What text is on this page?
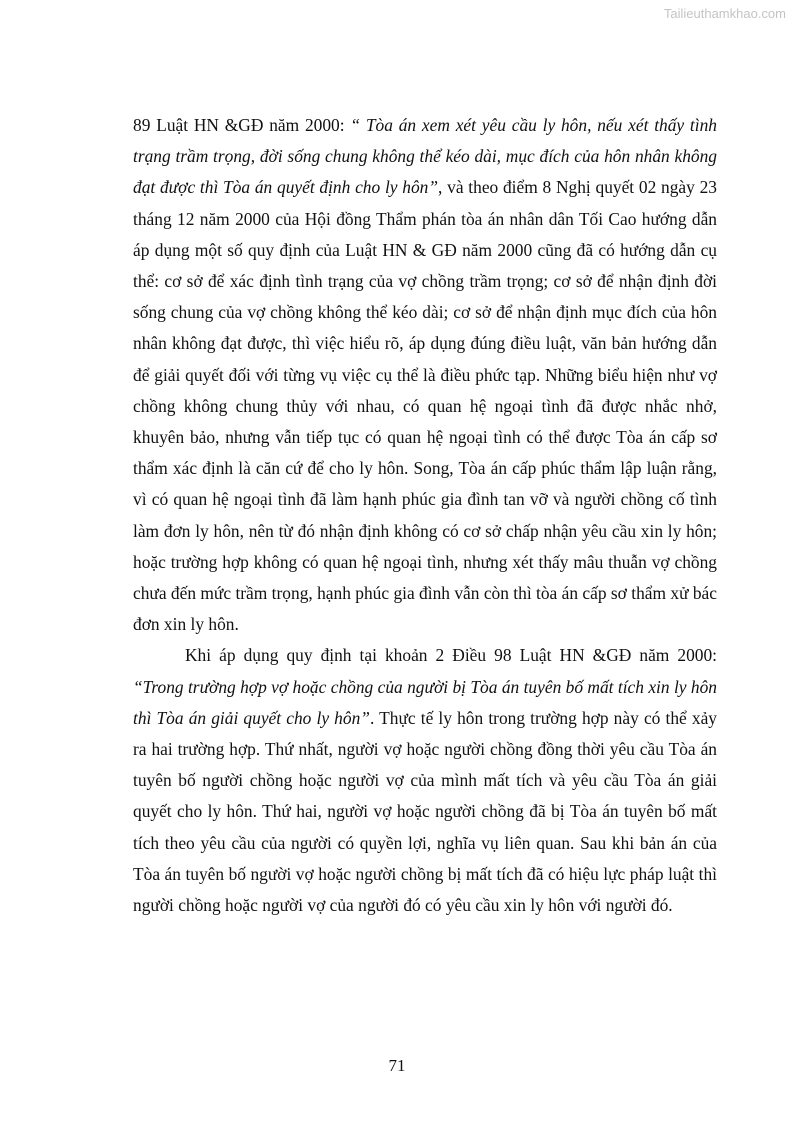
Tailieuthamkhao.com

89 Luật HN &GĐ năm 2000: “ Tòa án xem xét yêu cầu ly hôn, nếu xét thấy tình trạng trầm trọng, đời sống chung không thể kéo dài, mục đích của hôn nhân không đạt được thì Tòa án quyết định cho ly hôn”, và theo điểm 8 Nghị quyết 02 ngày 23 tháng 12 năm 2000 của Hội đồng Thẩm phán tòa án nhân dân Tối Cao hướng dẫn áp dụng một số quy định của Luật HN & GĐ năm 2000 cũng đã có hướng dẫn cụ thể: cơ sở để xác định tình trạng của vợ chồng trầm trọng; cơ sở để nhận định đời sống chung của vợ chồng không thể kéo dài; cơ sở để nhận định mục đích của hôn nhân không đạt được, thì việc hiểu rõ, áp dụng đúng điều luật, văn bản hướng dẫn để giải quyết đối với từng vụ việc cụ thể là điều phức tạp. Những biểu hiện như vợ chồng không chung thủy với nhau, có quan hệ ngoại tình đã được nhắc nhở, khuyên bảo, nhưng vẫn tiếp tục có quan hệ ngoại tình có thể được Tòa án cấp sơ thẩm xác định là căn cứ để cho ly hôn. Song, Tòa án cấp phúc thẩm lập luận rằng, vì có quan hệ ngoại tình đã làm hạnh phúc gia đình tan vỡ và người chồng cố tình làm đơn ly hôn, nên từ đó nhận định không có cơ sở chấp nhận yêu cầu xin ly hôn; hoặc trường hợp không có quan hệ ngoại tình, nhưng xét thấy mâu thuẫn vợ chồng chưa đến mức trầm trọng, hạnh phúc gia đình vẫn còn thì tòa án cấp sơ thẩm xử bác đơn xin ly hôn.

Khi áp dụng quy định tại khoản 2 Điều 98 Luật HN &GĐ năm 2000: “Trong trường hợp vợ hoặc chồng của người bị Tòa án tuyên bố mất tích xin ly hôn thì Tòa án giải quyết cho ly hôn”. Thực tế ly hôn trong trường hợp này có thể xảy ra hai trường hợp. Thứ nhất, người vợ hoặc người chồng đồng thời yêu cầu Tòa án tuyên bố người chồng hoặc người vợ của mình mất tích và yêu cầu Tòa án giải quyết cho ly hôn. Thứ hai, người vợ hoặc người chồng đã bị Tòa án tuyên bố mất tích theo yêu cầu của người có quyền lợi, nghĩa vụ liên quan. Sau khi bản án của Tòa án tuyên bố người vợ hoặc người chồng bị mất tích đã có hiệu lực pháp luật thì người chồng hoặc người vợ của người đó có yêu cầu xin ly hôn với người đó.

71
